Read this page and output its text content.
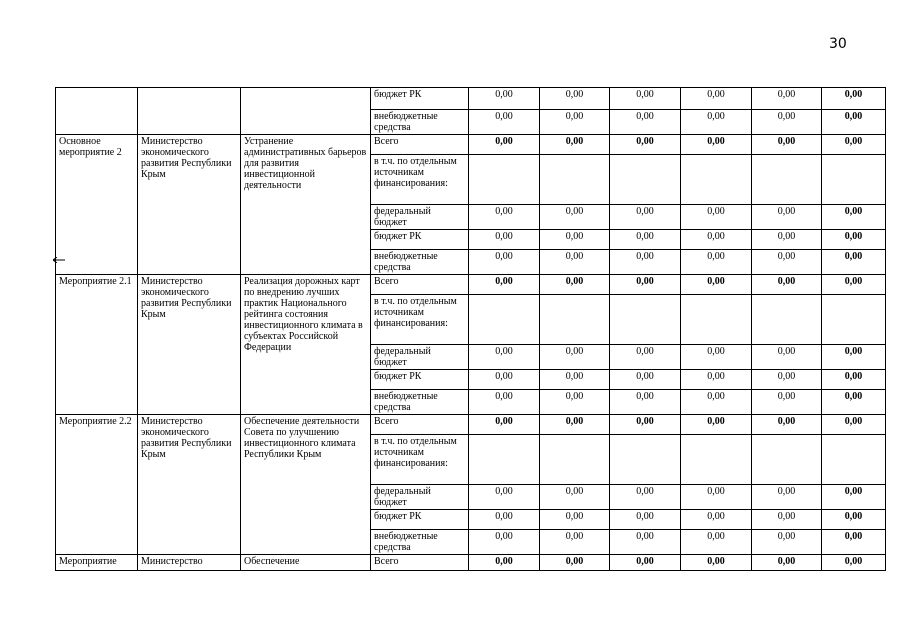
30
			бюджет РК	0,00	0,00	0,00	0,00	0,00	0,00
			внебюджетные средства	0,00	0,00	0,00	0,00	0,00	0,00
Основное мероприятие 2	Министерство экономического развития Республики Крым	Устранение административных барьеров для развития инвестиционной деятельности	Всего	0,00	0,00	0,00	0,00	0,00	0,00
			в т.ч. по отдельным источникам финансирования:						
			федеральный бюджет	0,00	0,00	0,00	0,00	0,00	0,00
			бюджет РК	0,00	0,00	0,00	0,00	0,00	0,00
			внебюджетные средства	0,00	0,00	0,00	0,00	0,00	0,00
Мероприятие 2.1	Министерство экономического развития Республики Крым	Реализация дорожных карт по внедрению лучших практик Национального рейтинга состояния инвестиционного климата в субъектах Российской Федерации	Всего	0,00	0,00	0,00	0,00	0,00	0,00
			в т.ч. по отдельным источникам финансирования:						
			федеральный бюджет	0,00	0,00	0,00	0,00	0,00	0,00
			бюджет РК	0,00	0,00	0,00	0,00	0,00	0,00
			внебюджетные средства	0,00	0,00	0,00	0,00	0,00	0,00
Мероприятие 2.2	Министерство экономического развития Республики Крым	Обеспечение деятельности Совета по улучшению инвестиционного климата Республики Крым	Всего	0,00	0,00	0,00	0,00	0,00	0,00
			в т.ч. по отдельным источникам финансирования:						
			федеральный бюджет	0,00	0,00	0,00	0,00	0,00	0,00
			бюджет РК	0,00	0,00	0,00	0,00	0,00	0,00
			внебюджетные средства	0,00	0,00	0,00	0,00	0,00	0,00
Мероприятие	Министерство	Обеспечение	Всего	0,00	0,00	0,00	0,00	0,00	0,00
